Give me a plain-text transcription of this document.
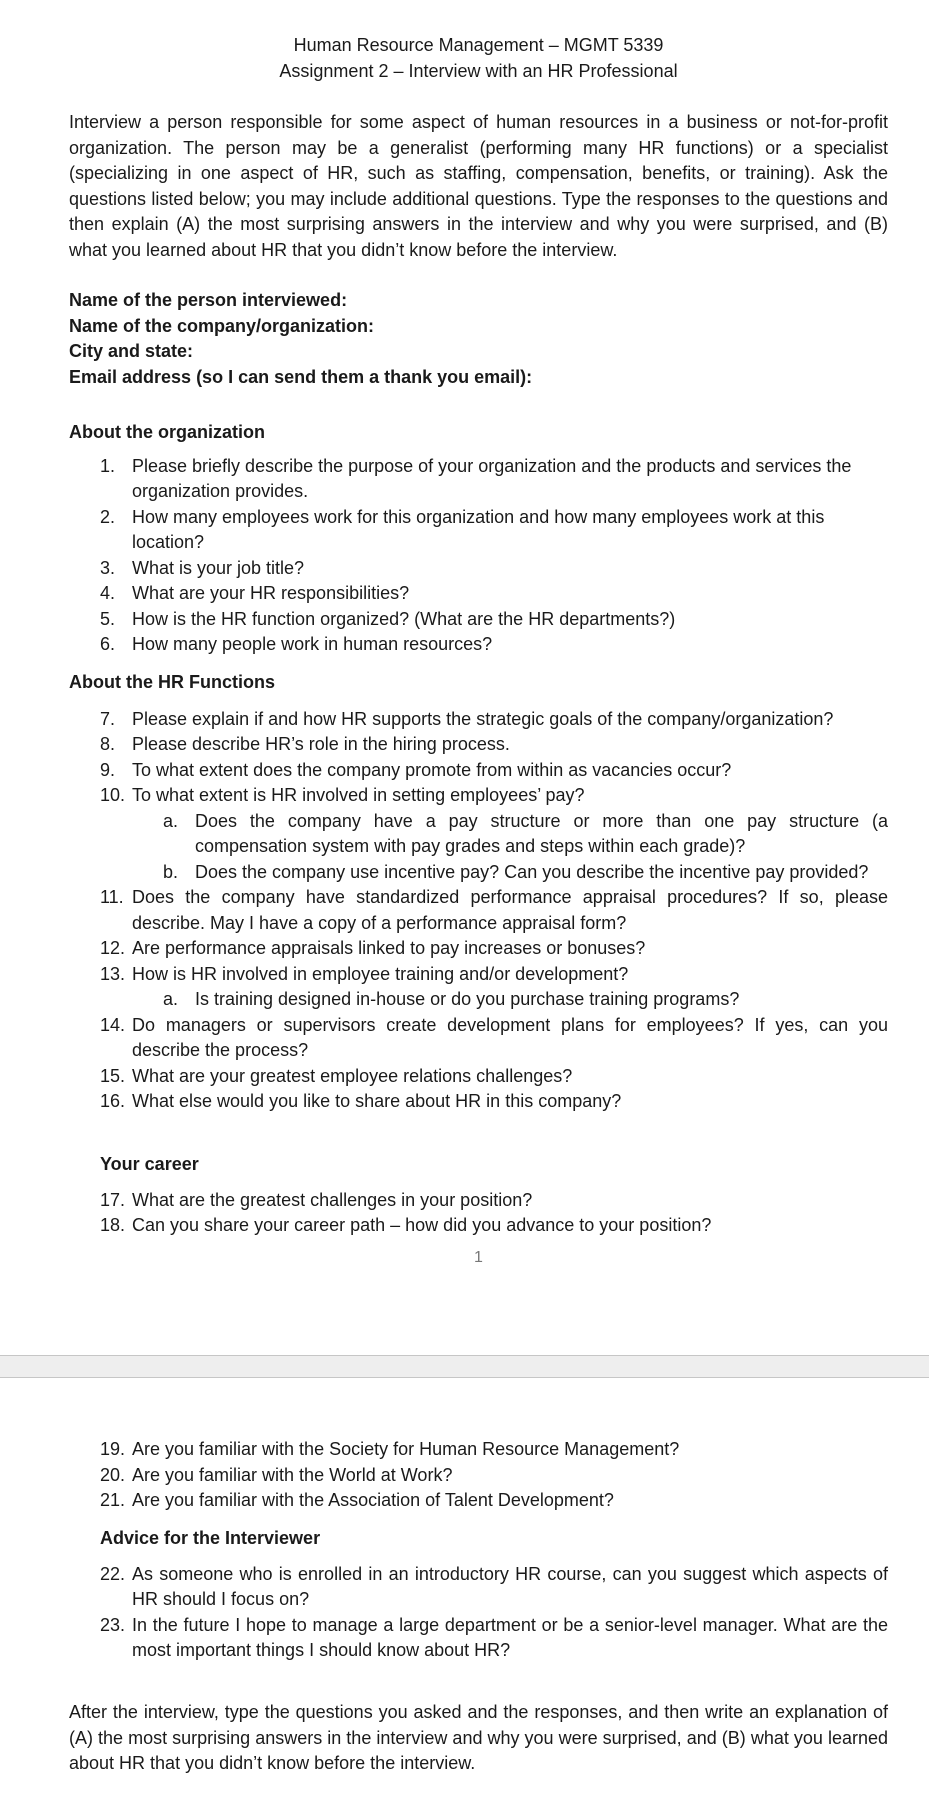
Human Resource Management – MGMT 5339
Assignment 2 – Interview with an HR Professional
Interview a person responsible for some aspect of human resources in a business or not-for-profit organization. The person may be a generalist (performing many HR functions) or a specialist (specializing in one aspect of HR, such as staffing, compensation, benefits, or training). Ask the questions listed below; you may include additional questions. Type the responses to the questions and then explain (A) the most surprising answers in the interview and why you were surprised, and (B) what you learned about HR that you didn’t know before the interview.
Name of the person interviewed:
Name of the company/organization:
City and state:
Email address (so I can send them a thank you email):
About the organization
1. Please briefly describe the purpose of your organization and the products and services the organization provides.
2. How many employees work for this organization and how many employees work at this location?
3. What is your job title?
4. What are your HR responsibilities?
5. How is the HR function organized? (What are the HR departments?)
6. How many people work in human resources?
About the HR Functions
7. Please explain if and how HR supports the strategic goals of the company/organization?
8. Please describe HR’s role in the hiring process.
9. To what extent does the company promote from within as vacancies occur?
10. To what extent is HR involved in setting employees’ pay?
a. Does the company have a pay structure or more than one pay structure (a compensation system with pay grades and steps within each grade)?
b. Does the company use incentive pay? Can you describe the incentive pay provided?
11. Does the company have standardized performance appraisal procedures? If so, please describe. May I have a copy of a performance appraisal form?
12. Are performance appraisals linked to pay increases or bonuses?
13. How is HR involved in employee training and/or development?
a. Is training designed in-house or do you purchase training programs?
14. Do managers or supervisors create development plans for employees? If yes, can you describe the process?
15. What are your greatest employee relations challenges?
16. What else would you like to share about HR in this company?
Your career
17. What are the greatest challenges in your position?
18. Can you share your career path – how did you advance to your position?
1
19. Are you familiar with the Society for Human Resource Management?
20. Are you familiar with the World at Work?
21. Are you familiar with the Association of Talent Development?
Advice for the Interviewer
22. As someone who is enrolled in an introductory HR course, can you suggest which aspects of HR should I focus on?
23. In the future I hope to manage a large department or be a senior-level manager. What are the most important things I should know about HR?
After the interview, type the questions you asked and the responses, and then write an explanation of (A) the most surprising answers in the interview and why you were surprised, and (B) what you learned about HR that you didn’t know before the interview.
